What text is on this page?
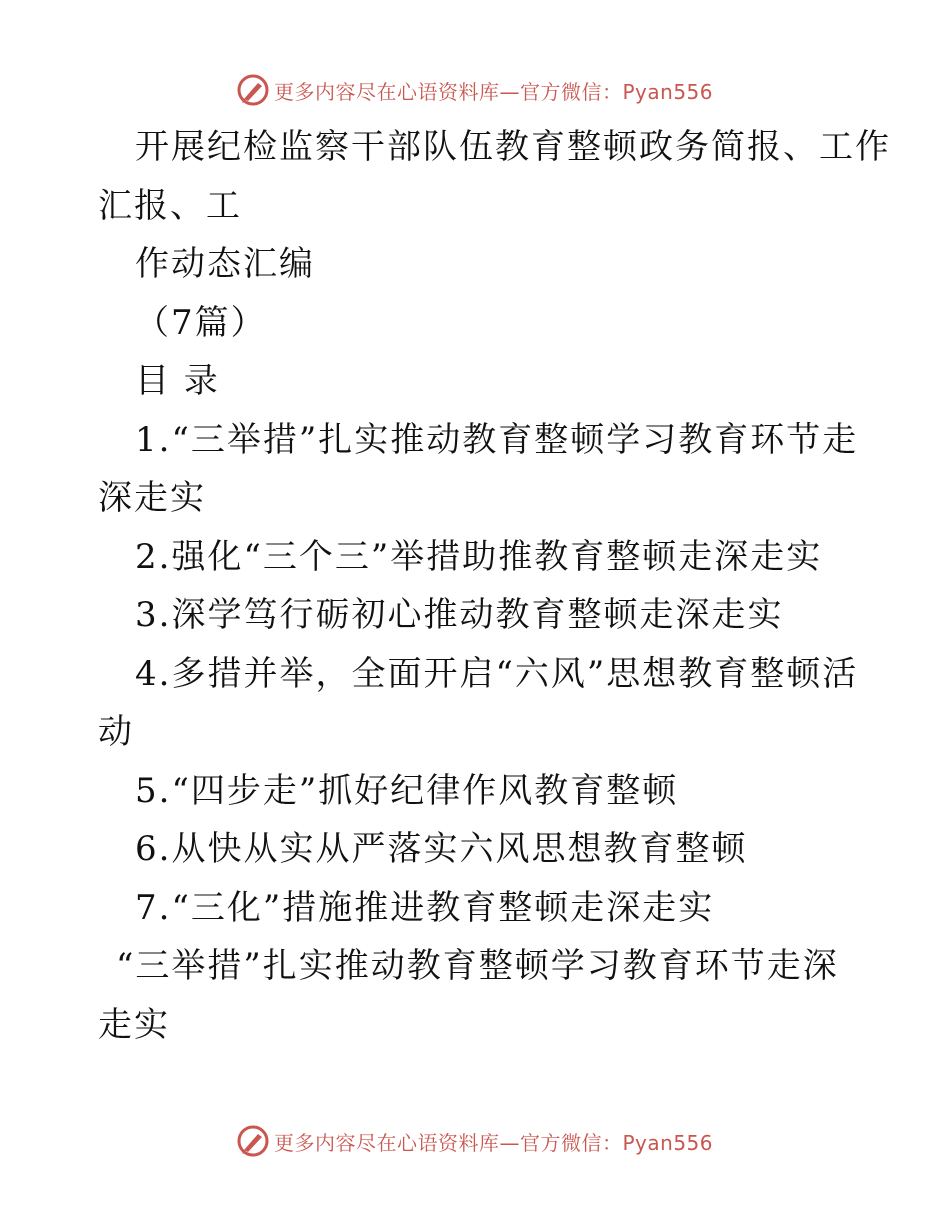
更多内容尽在心语资料库—官方微信：Pyan556
开展纪检监察干部队伍教育整顿政务简报、工作
汇报、工
作动态汇编
（7篇）
目 录
1.“三举措”扎实推动教育整顿学习教育环节走
深走实
2.强化“三个三”举措助推教育整顿走深走实
3.深学笃行砺初心推动教育整顿走深走实
4.多措并举，全面开启“六风”思想教育整顿活
动
5.“四步走”抓好纪律作风教育整顿
6.从快从实从严落实六风思想教育整顿
7.“三化”措施推进教育整顿走深走实
“三举措”扎实推动教育整顿学习教育环节走深
走实
更多内容尽在心语资料库—官方微信：Pyan556
